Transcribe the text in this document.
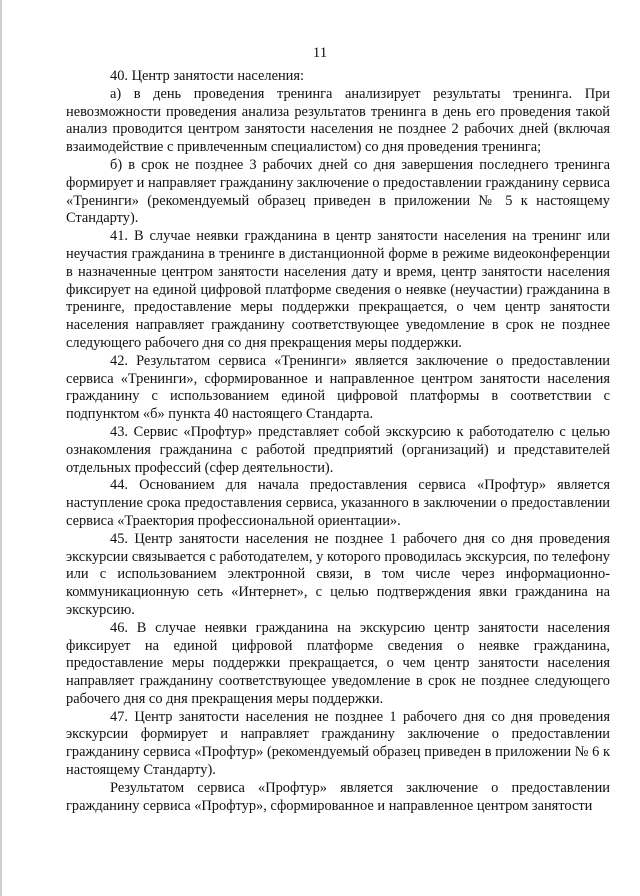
11

40. Центр занятости населения:

а) в день проведения тренинга анализирует результаты тренинга. При невозможности проведения анализа результатов тренинга в день его проведения такой анализ проводится центром занятости населения не позднее 2 рабочих дней (включая взаимодействие с привлеченным специалистом) со дня проведения тренинга;

б) в срок не позднее 3 рабочих дней со дня завершения последнего тренинга формирует и направляет гражданину заключение о предоставлении гражданину сервиса «Тренинги» (рекомендуемый образец приведен в приложении № 5 к настоящему Стандарту).

41. В случае неявки гражданина в центр занятости населения на тренинг или неучастия гражданина в тренинге в дистанционной форме в режиме видеоконференции в назначенные центром занятости населения дату и время, центр занятости населения фиксирует на единой цифровой платформе сведения о неявке (неучастии) гражданина в тренинге, предоставление меры поддержки прекращается, о чем центр занятости населения направляет гражданину соответствующее уведомление в срок не позднее следующего рабочего дня со дня прекращения меры поддержки.

42. Результатом сервиса «Тренинги» является заключение о предоставлении сервиса «Тренинги», сформированное и направленное центром занятости населения гражданину с использованием единой цифровой платформы в соответствии с подпунктом «б» пункта 40 настоящего Стандарта.

43. Сервис «Профтур» представляет собой экскурсию к работодателю с целью ознакомления гражданина с работой предприятий (организаций) и представителей отдельных профессий (сфер деятельности).

44. Основанием для начала предоставления сервиса «Профтур» является наступление срока предоставления сервиса, указанного в заключении о предоставлении сервиса «Траектория профессиональной ориентации».

45. Центр занятости населения не позднее 1 рабочего дня со дня проведения экскурсии связывается с работодателем, у которого проводилась экскурсия, по телефону или с использованием электронной связи, в том числе через информационно-коммуникационную сеть «Интернет», с целью подтверждения явки гражданина на экскурсию.

46. В случае неявки гражданина на экскурсию центр занятости населения фиксирует на единой цифровой платформе сведения о неявке гражданина, предоставление меры поддержки прекращается, о чем центр занятости населения направляет гражданину соответствующее уведомление в срок не позднее следующего рабочего дня со дня прекращения меры поддержки.

47. Центр занятости населения не позднее 1 рабочего дня со дня проведения экскурсии формирует и направляет гражданину заключение о предоставлении гражданину сервиса «Профтур» (рекомендуемый образец приведен в приложении № 6 к настоящему Стандарту).

Результатом сервиса «Профтур» является заключение о предоставлении гражданину сервиса «Профтур», сформированное и направленное центром занятости
